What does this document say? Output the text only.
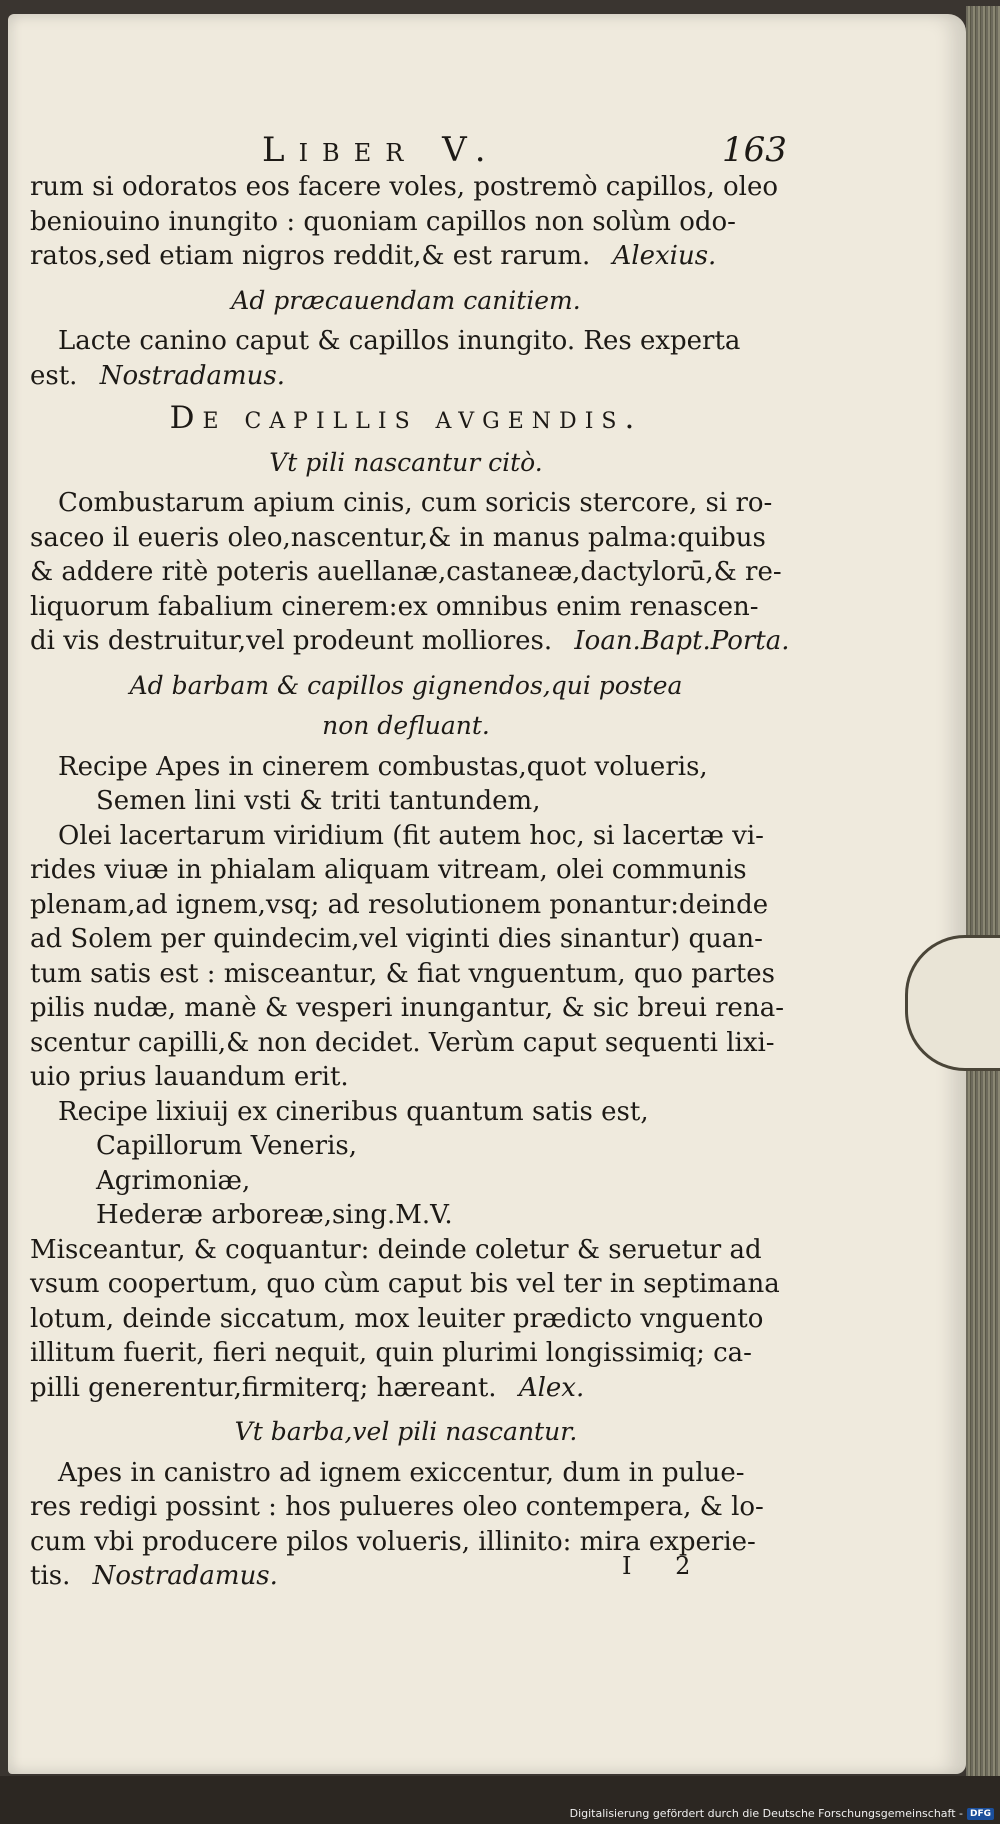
Liber V.	163
rum si odoratos eos facere voles, postremò capillos, oleo
beniouino inungito : quoniam capillos non solùm odo-
ratos,sed etiam nigros reddit,& est rarum. Alexius.
Ad præcauendam canitiem.
Lacte canino caput & capillos inungito. Res experta
est. Nostradamus.
De capillis avgendis.
Vt pili nascantur citò.
Combustarum apium cinis, cum soricis stercore, si ro-
saceo il eueris oleo,nascentur,& in manus palma:quibus
& addere ritè poteris auellanæ,castaneæ,dactylorū,& re-
liquorum fabalium cinerem:ex omnibus enim renascen-
di vis destruitur,vel prodeunt molliores. Ioan.Bapt.Porta.
Ad barbam & capillos gignendos,qui postea
non defluant.
Recipe Apes in cinerem combustas,quot volueris,
Semen lini vsti & triti tantundem,
Olei lacertarum viridium (fit autem hoc, si lacertæ vi-
rides viuæ in phialam aliquam vitream, olei communis
plenam,ad ignem,vsq; ad resolutionem ponantur:deinde
ad Solem per quindecim,vel viginti dies sinantur) quan-
tum satis est : misceantur, & fiat vnguentum, quo partes
pilis nudæ, manè & vesperi inungantur, & sic breui rena-
scentur capilli,& non decidet. Verùm caput sequenti lixi-
uio prius lauandum erit.
Recipe lixiuij ex cineribus quantum satis est,
Capillorum Veneris,
Agrimoniæ,
Hederæ arboreæ,sing.M.V.
Misceantur, & coquantur: deinde coletur & seruetur ad
vsum coopertum, quo cùm caput bis vel ter in septimana
lotum, deinde siccatum, mox leuiter prædicto vnguento
illitum fuerit, fieri nequit, quin plurimi longissimiq; ca-
pilli generentur,firmiterq; hæreant. Alex.
Vt barba,vel pili nascantur.
Apes in canistro ad ignem exiccentur, dum in pulue-
res redigi possint : hos pulueres oleo contempera, & lo-
cum vbi producere pilos volueris, illinito: mira experie-
tis. Nostradamus.	I 2
Digitalisierung gefördert durch die Deutsche Forschungsgemeinschaft - DFG
